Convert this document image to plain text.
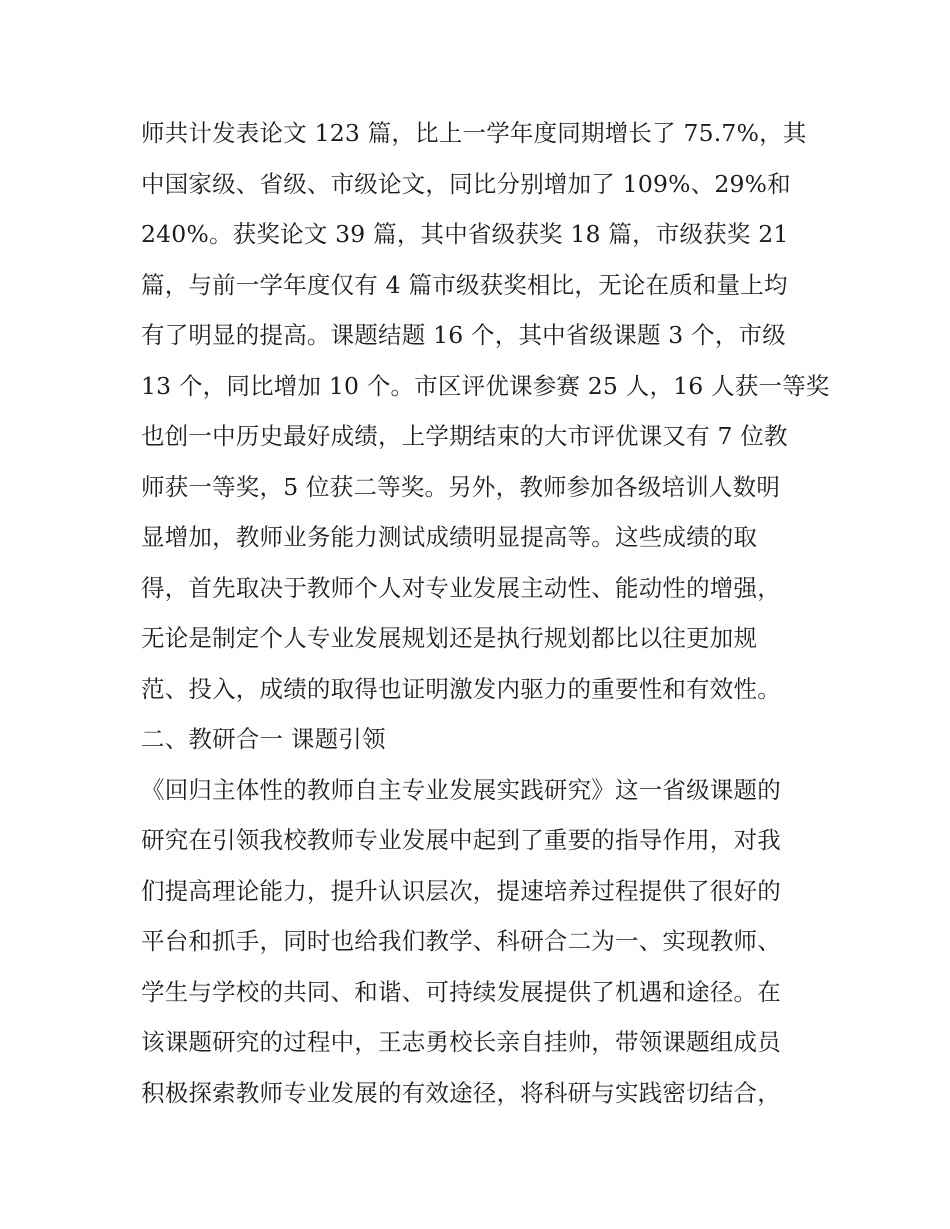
师共计发表论文 123 篇，比上一学年度同期增长了 75.7%，其
中国家级、省级、市级论文，同比分别增加了 109%、29%和
240%。获奖论文 39 篇，其中省级获奖 18 篇，市级获奖 21
篇，与前一学年度仅有 4 篇市级获奖相比，无论在质和量上均
有了明显的提高。课题结题 16 个，其中省级课题 3 个，市级
13 个，同比增加 10 个。市区评优课参赛 25 人，16 人获一等奖
也创一中历史最好成绩，上学期结束的大市评优课又有 7 位教
师获一等奖，5 位获二等奖。另外，教师参加各级培训人数明
显增加，教师业务能力测试成绩明显提高等。这些成绩的取
得，首先取决于教师个人对专业发展主动性、能动性的增强，
无论是制定个人专业发展规划还是执行规划都比以往更加规
范、投入，成绩的取得也证明激发内驱力的重要性和有效性。
二、教研合一 课题引领
《回归主体性的教师自主专业发展实践研究》这一省级课题的
研究在引领我校教师专业发展中起到了重要的指导作用，对我
们提高理论能力，提升认识层次，提速培养过程提供了很好的
平台和抓手，同时也给我们教学、科研合二为一、实现教师、
学生与学校的共同、和谐、可持续发展提供了机遇和途径。在
该课题研究的过程中，王志勇校长亲自挂帅，带领课题组成员
积极探索教师专业发展的有效途径，将科研与实践密切结合，
